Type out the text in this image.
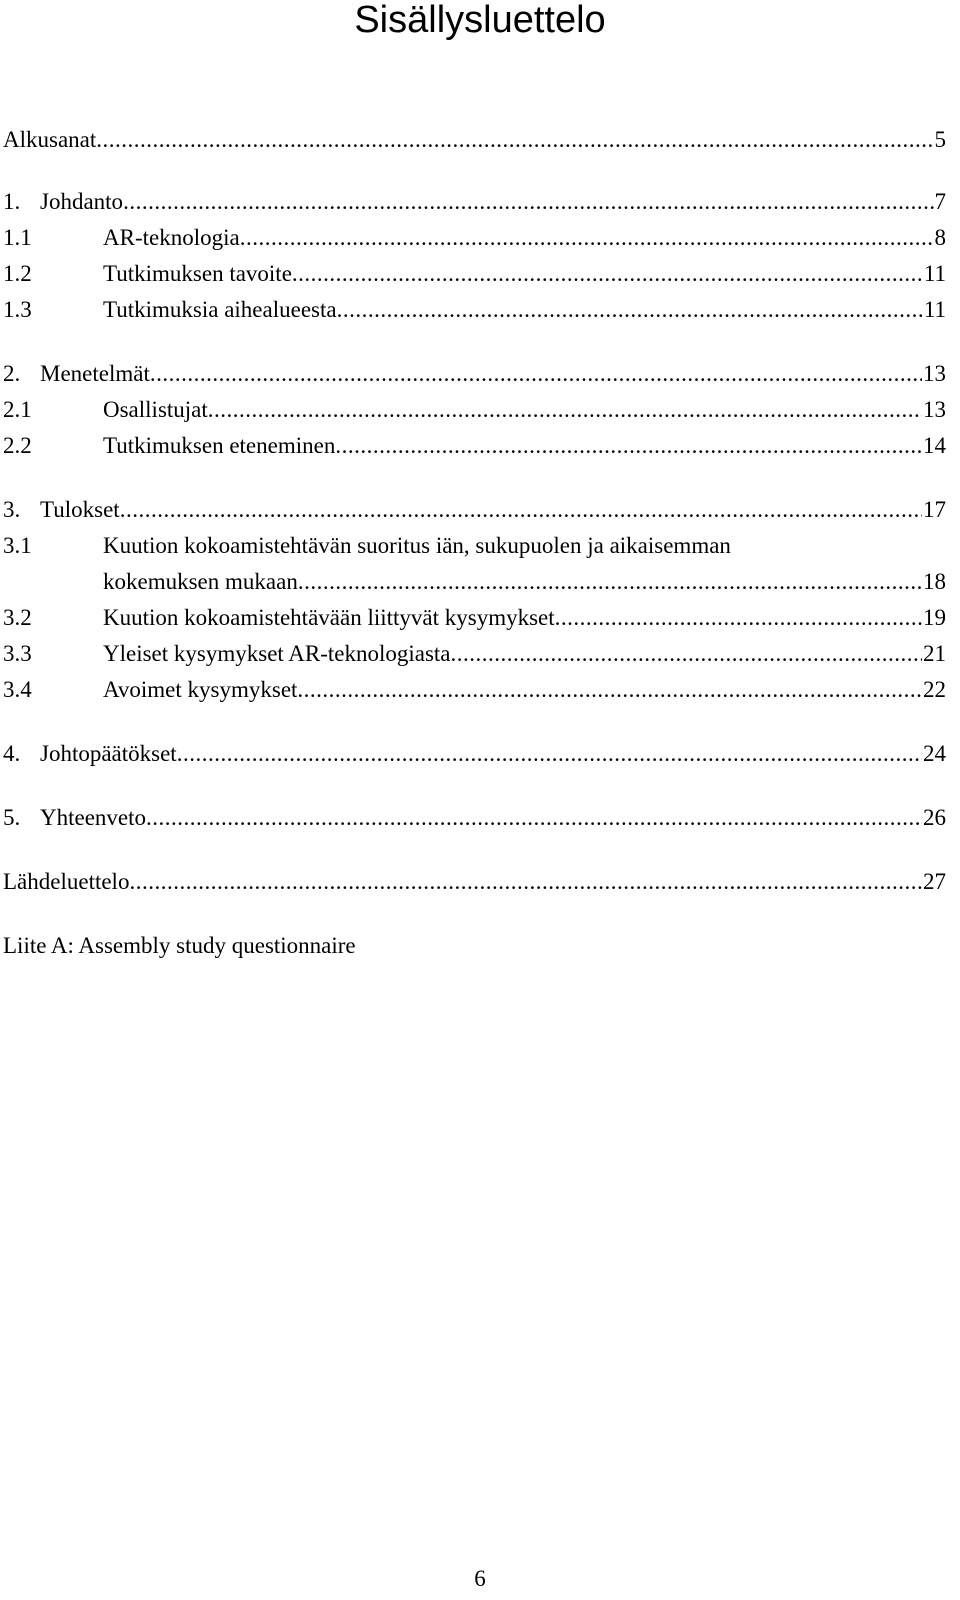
Sisällysluettelo
Alkusanat .....	5
1. Johdanto .....	7
1.1	AR-teknologia .....	8
1.2	Tutkimuksen tavoite .....	11
1.3	Tutkimuksia aihealueesta .....	11
2. Menetelmät .....	13
2.1	Osallistujat .....	13
2.2	Tutkimuksen eteneminen .....	14
3. Tulokset .....	17
3.1	Kuution kokoamistehtävän suoritus iän, sukupuolen ja aikaisemman
kokemuksen mukaan .....	18
3.2	Kuution kokoamistehtävään liittyvät kysymykset .....	19
3.3	Yleiset kysymykset AR-teknologiasta .....	21
3.4	Avoimet kysymykset .....	22
4. Johtopäätökset .....	24
5. Yhteenveto .....	26
Lähdeluettelo .....	27
Liite A: Assembly study questionnaire
6
